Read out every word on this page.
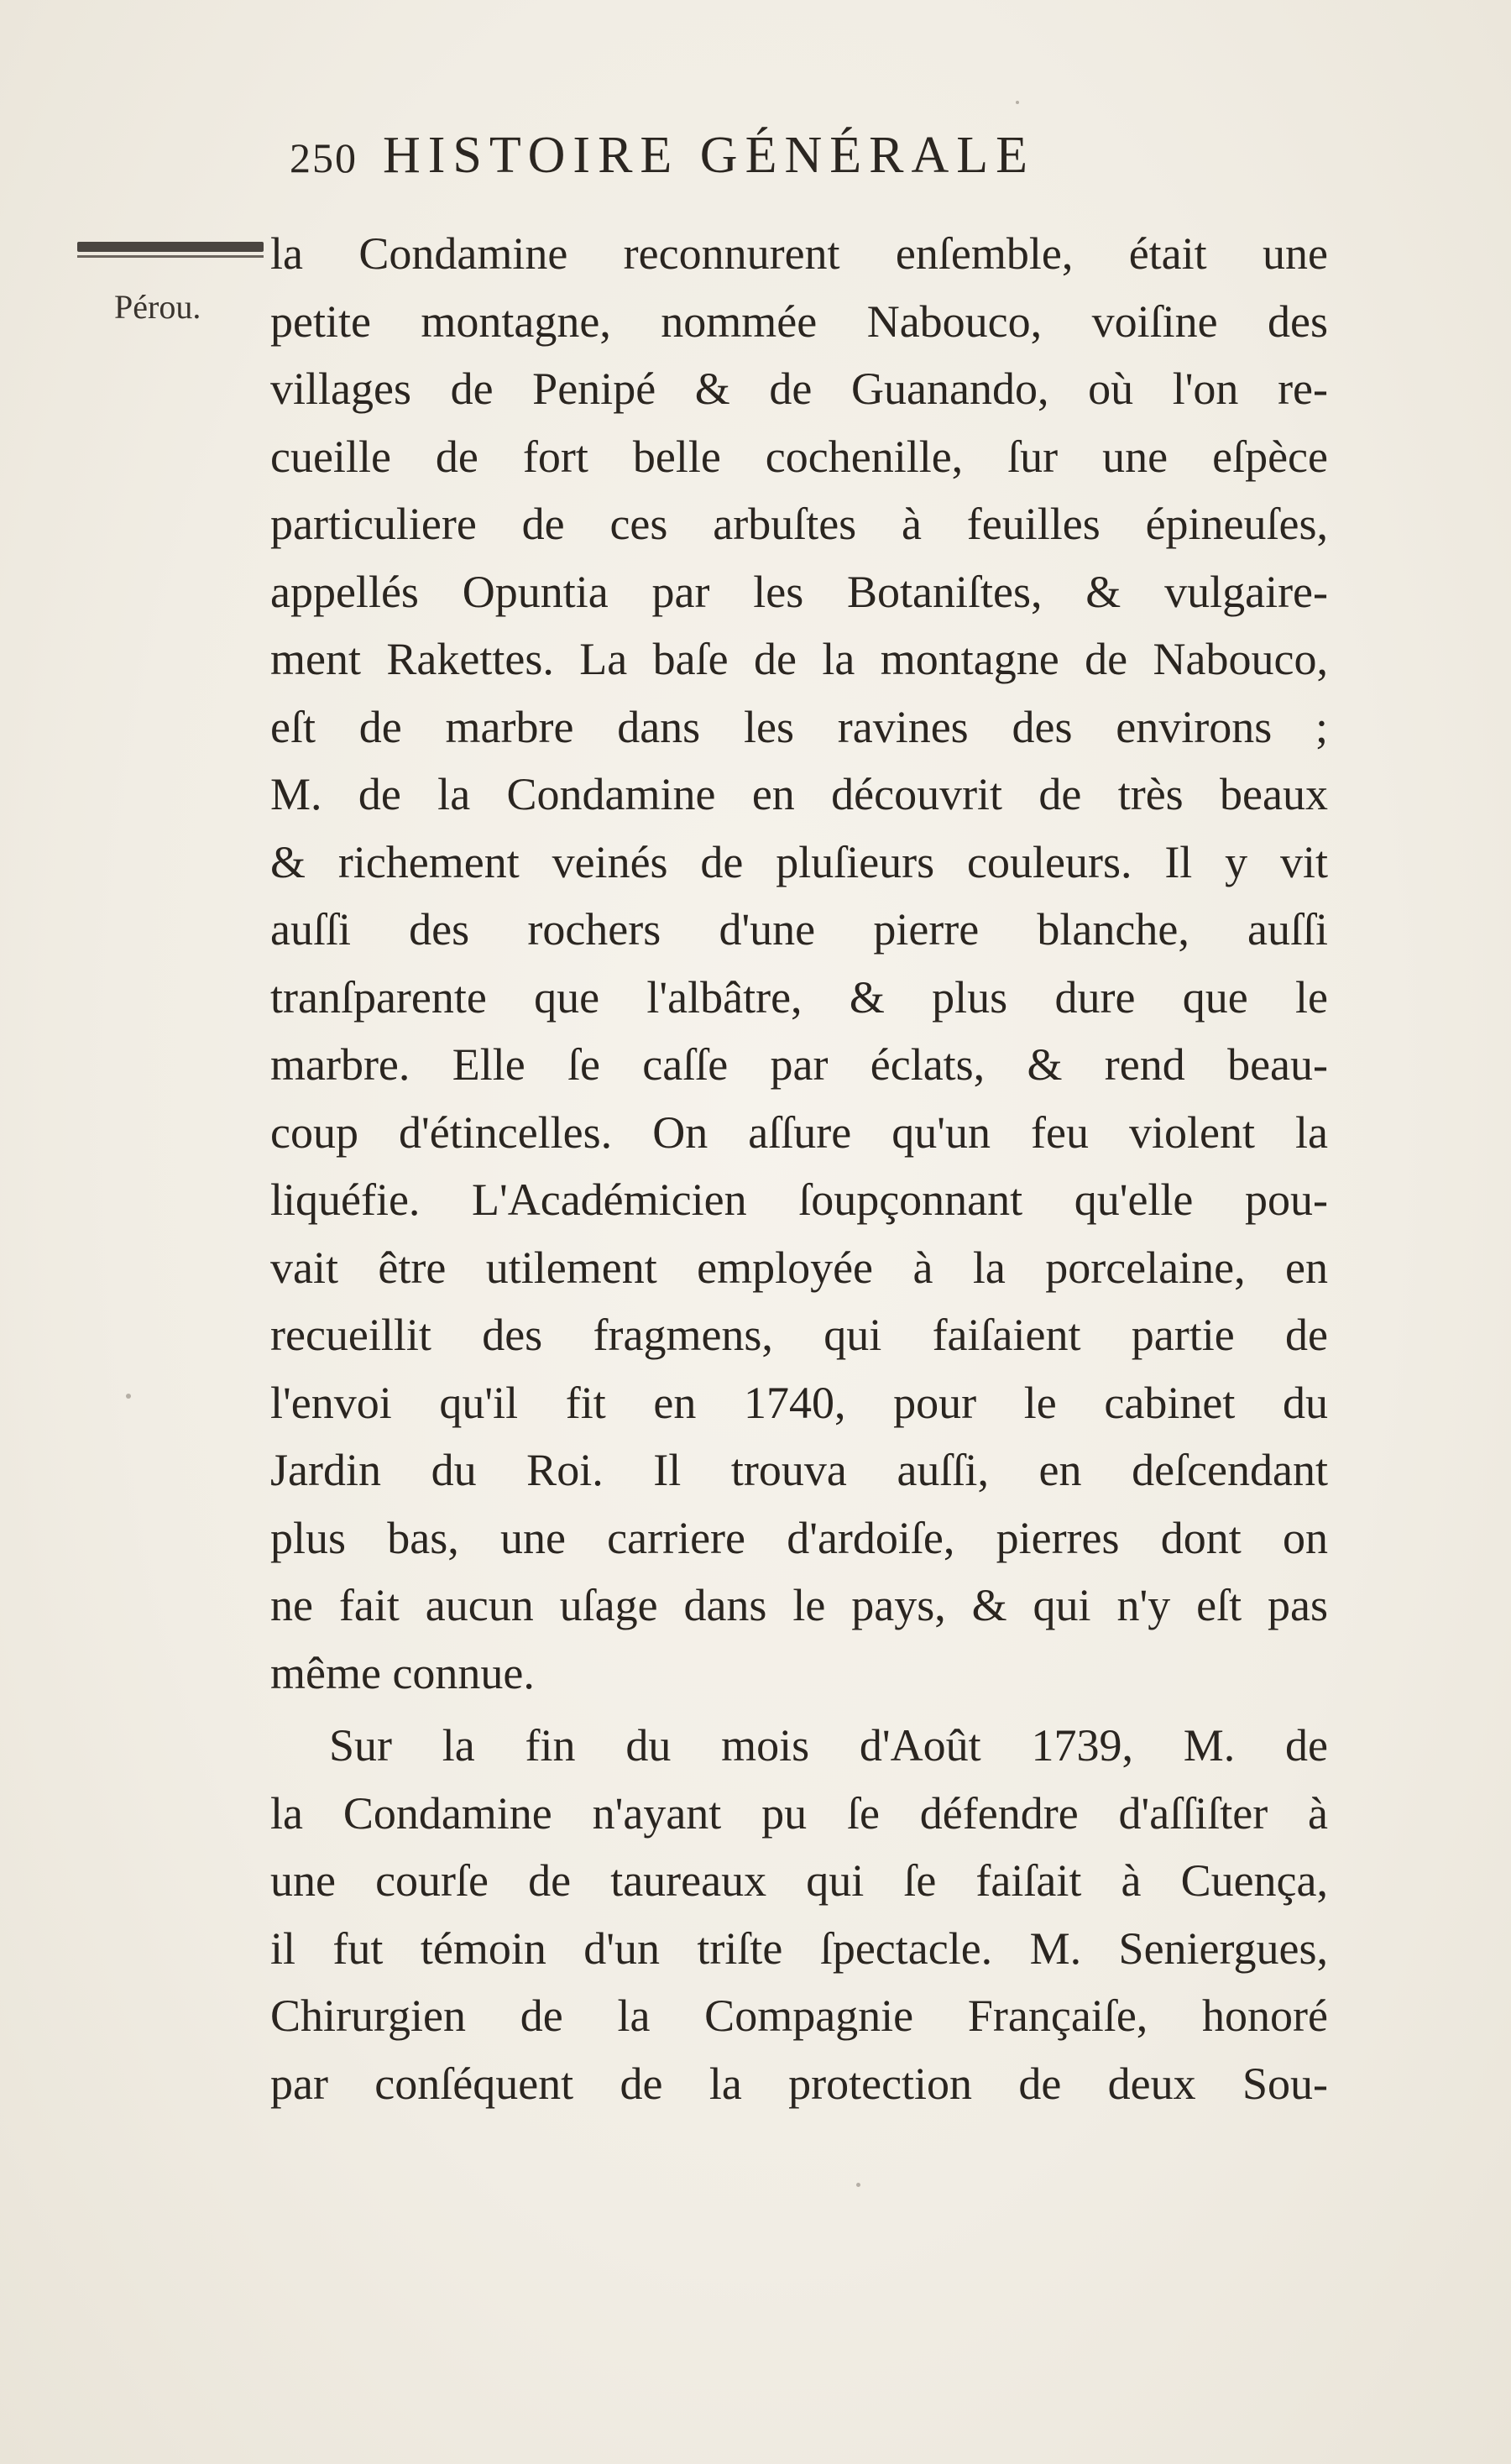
250 HISTOIRE GÉNÉRALE
Pérou.
la Condamine reconnurent enſemble, était une
petite montagne, nommée Nabouco, voiſine des
villages de Penipé & de Guanando, où l'on re-
cueille de fort belle cochenille, ſur une eſpèce
particuliere de ces arbuſtes à feuilles épineuſes,
appellés Opuntia par les Botaniſtes, & vulgaire-
ment Rakettes. La baſe de la montagne de Nabouco,
eſt de marbre dans les ravines des environs ;
M. de la Condamine en découvrit de très beaux
& richement veinés de pluſieurs couleurs. Il y vit
auſſi des rochers d'une pierre blanche, auſſi
tranſparente que l'albâtre, & plus dure que le
marbre. Elle ſe caſſe par éclats, & rend beau-
coup d'étincelles. On aſſure qu'un feu violent la
liquéfie. L'Académicien ſoupçonnant qu'elle pou-
vait être utilement employée à la porcelaine, en
recueillit des fragmens, qui faiſaient partie de
l'envoi qu'il fit en 1740, pour le cabinet du
Jardin du Roi. Il trouva auſſi, en deſcendant
plus bas, une carriere d'ardoiſe, pierres dont on
ne fait aucun uſage dans le pays, & qui n'y eſt pas
même connue.
Sur la fin du mois d'Août 1739, M. de
la Condamine n'ayant pu ſe défendre d'aſſiſter à
une courſe de taureaux qui ſe faiſait à Cuença,
il fut témoin d'un triſte ſpectacle. M. Seniergues,
Chirurgien de la Compagnie Françaiſe, honoré
par conſéquent de la protection de deux Sou-
